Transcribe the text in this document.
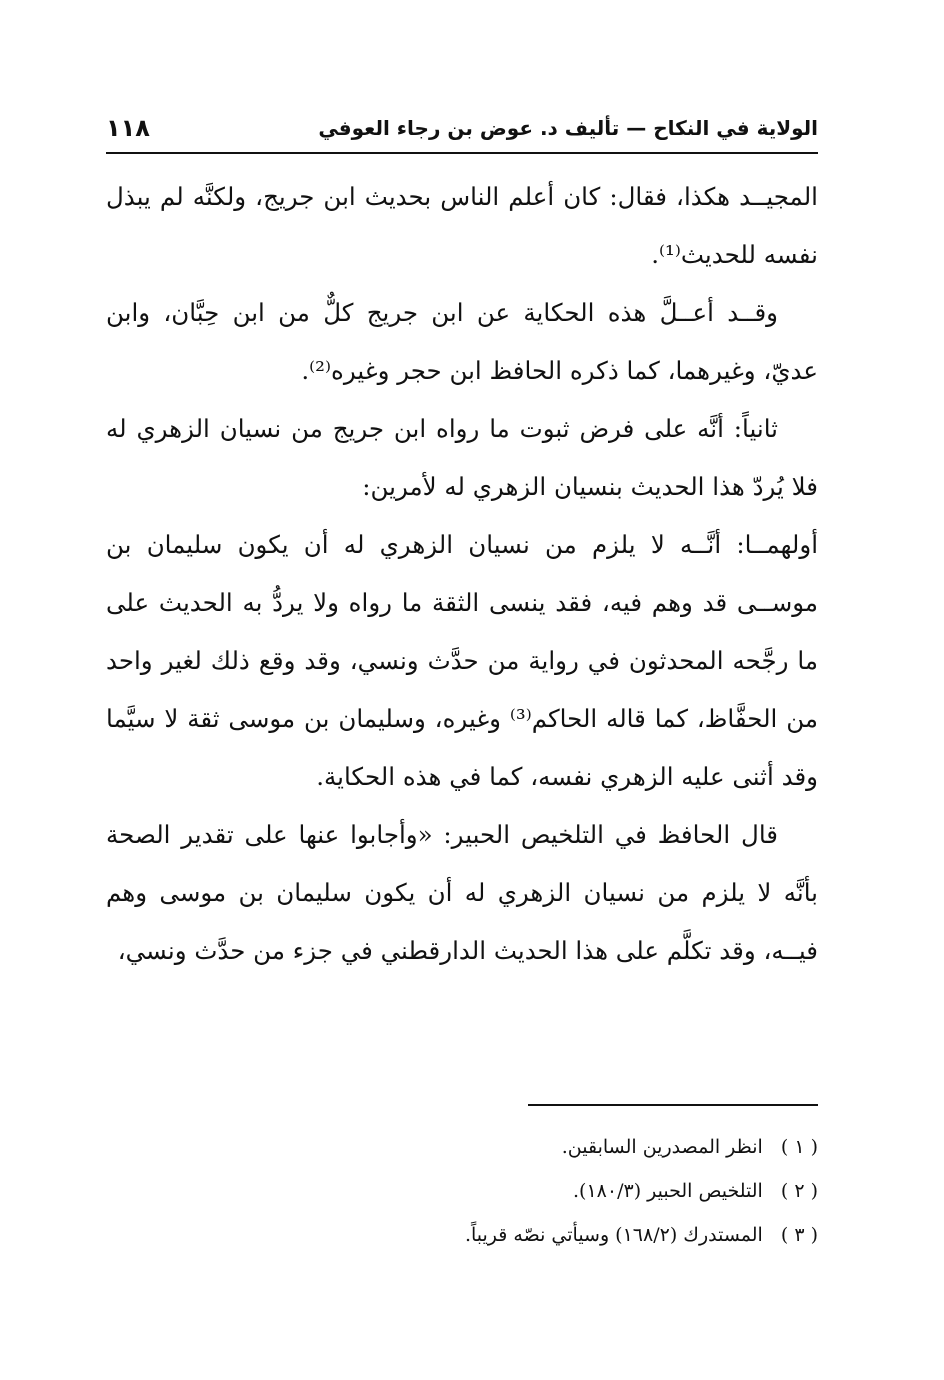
الولاية في النكاح — تأليف د. عوض بن رجاء العوفي
١١٨

المجيــد هكذا، فقال: كان أعلم الناس بحديث ابن جريج، ولكنَّه لم يبذل نفسه للحديث⁽¹⁾.

وقــد أعــلَّ هذه الحكاية عن ابن جريج كلٌّ من ابن حِبَّان، وابن عديّ، وغيرهما، كما ذكره الحافظ ابن حجر وغيره⁽²⁾.

ثانياً: أنَّه على فرض ثبوت ما رواه ابن جريج من نسيان الزهري له فلا يُردّ هذا الحديث بنسيان الزهري له لأمرين:

أولهمــا: أنَّــه لا يلزم من نسيان الزهري له أن يكون سليمان بن موســى قد وهم فيه، فقد ينسى الثقة ما رواه ولا يردُّ به الحديث على ما رجَّحه المحدثون في رواية من حدَّث ونسي، وقد وقع ذلك لغير واحد من الحفَّاظ، كما قاله الحاكم⁽³⁾ وغيره، وسليمان بن موسى ثقة لا سيَّما وقد أثنى عليه الزهري نفسه، كما في هذه الحكاية.

قال الحافظ في التلخيص الحبير: «وأجابوا عنها على تقدير الصحة بأنَّه لا يلزم من نسيان الزهري له أن يكون سليمان بن موسى وهم فيــه، وقد تكلَّم على هذا الحديث الدارقطني في جزء من حدَّث ونسي،

( ١ ) انظر المصدرين السابقين.
( ٢ ) التلخيص الحبير (١٨٠/٣).
( ٣ ) المستدرك (١٦٨/٢) وسيأتي نصّه قريباً.
